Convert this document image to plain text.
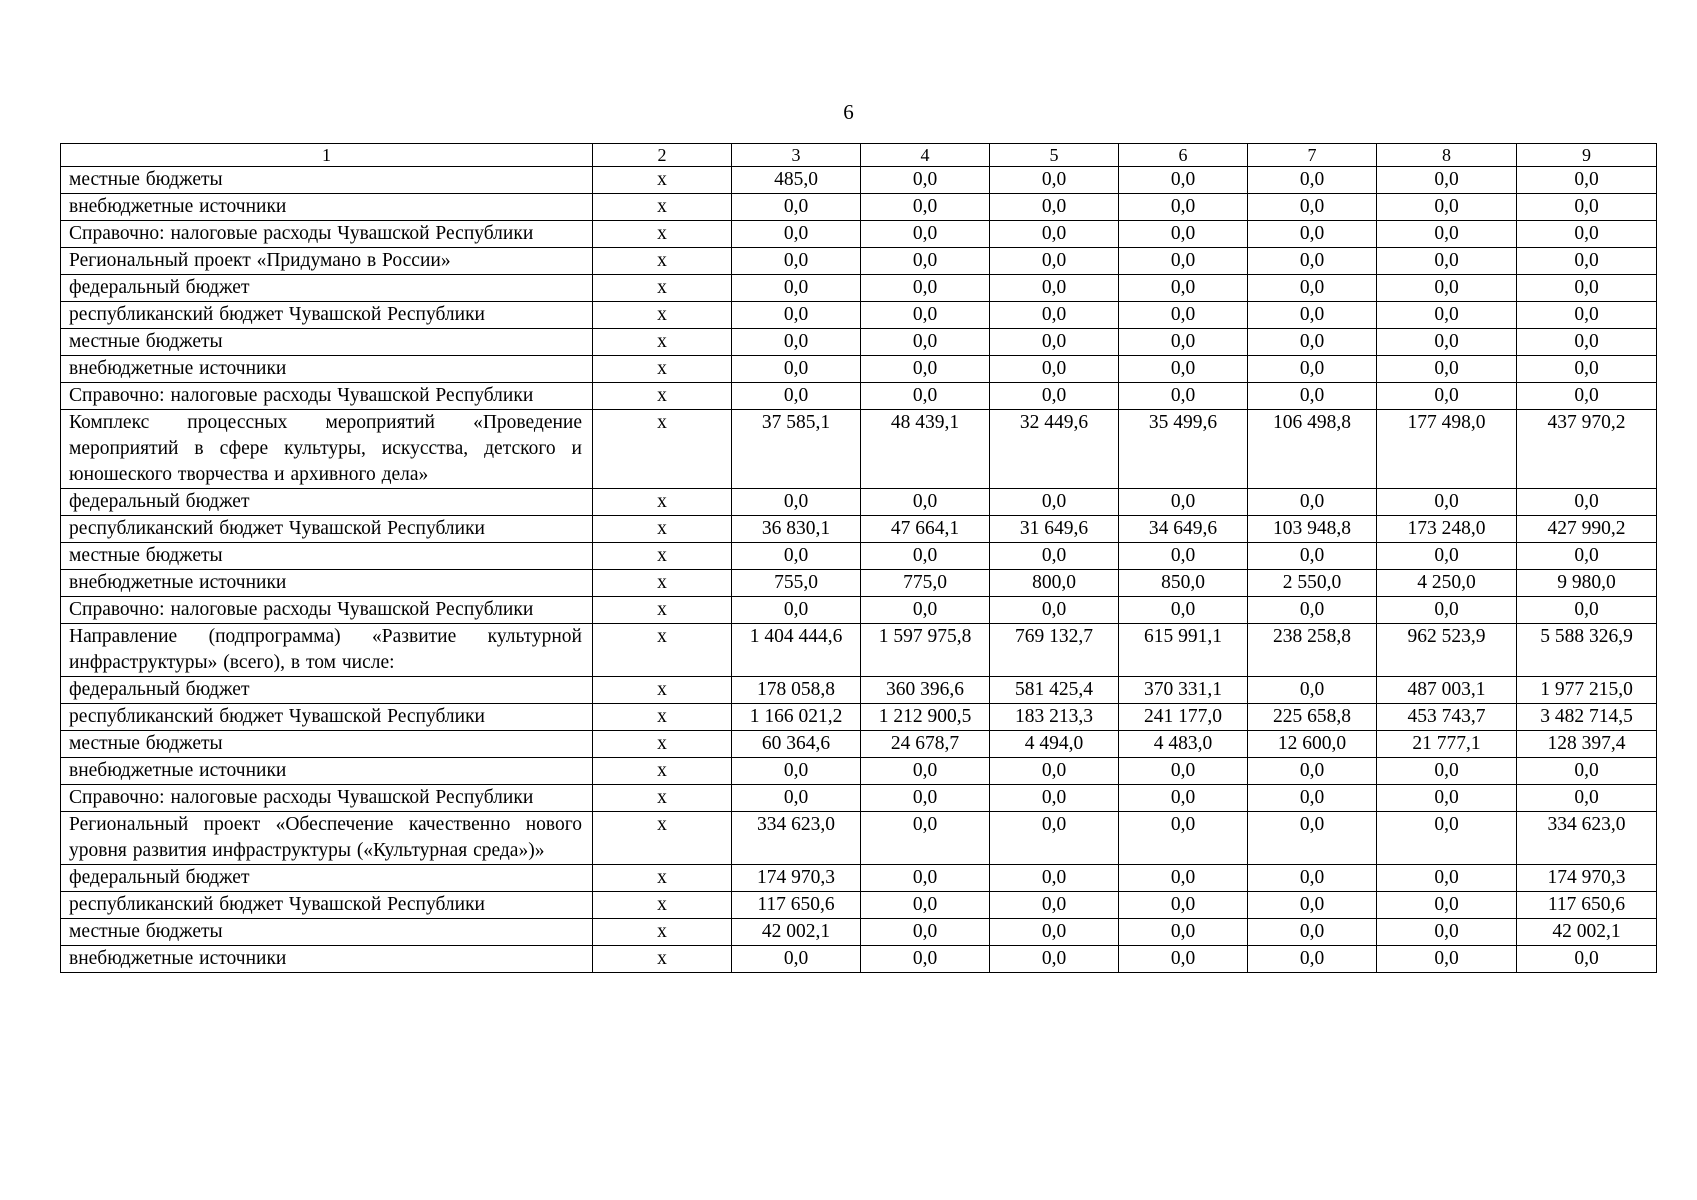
6
1	2	3	4	5	6	7	8	9
местные бюджеты	х	485,0	0,0	0,0	0,0	0,0	0,0	0,0
внебюджетные источники	х	0,0	0,0	0,0	0,0	0,0	0,0	0,0
Справочно: налоговые расходы Чувашской Республики	х	0,0	0,0	0,0	0,0	0,0	0,0	0,0
Региональный проект «Придумано в России»	х	0,0	0,0	0,0	0,0	0,0	0,0	0,0
федеральный бюджет	х	0,0	0,0	0,0	0,0	0,0	0,0	0,0
республиканский бюджет Чувашской Республики	х	0,0	0,0	0,0	0,0	0,0	0,0	0,0
местные бюджеты	х	0,0	0,0	0,0	0,0	0,0	0,0	0,0
внебюджетные источники	х	0,0	0,0	0,0	0,0	0,0	0,0	0,0
Справочно: налоговые расходы Чувашской Республики	х	0,0	0,0	0,0	0,0	0,0	0,0	0,0
Комплекс процессных мероприятий «Проведение мероприятий в сфере культуры, искусства, детского и юношеского творчества и архивного дела»	х	37 585,1	48 439,1	32 449,6	35 499,6	106 498,8	177 498,0	437 970,2
федеральный бюджет	х	0,0	0,0	0,0	0,0	0,0	0,0	0,0
республиканский бюджет Чувашской Республики	х	36 830,1	47 664,1	31 649,6	34 649,6	103 948,8	173 248,0	427 990,2
местные бюджеты	х	0,0	0,0	0,0	0,0	0,0	0,0	0,0
внебюджетные источники	х	755,0	775,0	800,0	850,0	2 550,0	4 250,0	9 980,0
Справочно: налоговые расходы Чувашской Республики	х	0,0	0,0	0,0	0,0	0,0	0,0	0,0
Направление (подпрограмма) «Развитие культурной инфраструктуры» (всего), в том числе:	х	1 404 444,6	1 597 975,8	769 132,7	615 991,1	238 258,8	962 523,9	5 588 326,9
федеральный бюджет	х	178 058,8	360 396,6	581 425,4	370 331,1	0,0	487 003,1	1 977 215,0
республиканский бюджет Чувашской Республики	х	1 166 021,2	1 212 900,5	183 213,3	241 177,0	225 658,8	453 743,7	3 482 714,5
местные бюджеты	х	60 364,6	24 678,7	4 494,0	4 483,0	12 600,0	21 777,1	128 397,4
внебюджетные источники	х	0,0	0,0	0,0	0,0	0,0	0,0	0,0
Справочно: налоговые расходы Чувашской Республики	х	0,0	0,0	0,0	0,0	0,0	0,0	0,0
Региональный проект «Обеспечение качественно нового уровня развития инфраструктуры («Культурная среда»)»	х	334 623,0	0,0	0,0	0,0	0,0	0,0	334 623,0
федеральный бюджет	х	174 970,3	0,0	0,0	0,0	0,0	0,0	174 970,3
республиканский бюджет Чувашской Республики	х	117 650,6	0,0	0,0	0,0	0,0	0,0	117 650,6
местные бюджеты	х	42 002,1	0,0	0,0	0,0	0,0	0,0	42 002,1
внебюджетные источники	х	0,0	0,0	0,0	0,0	0,0	0,0	0,0
